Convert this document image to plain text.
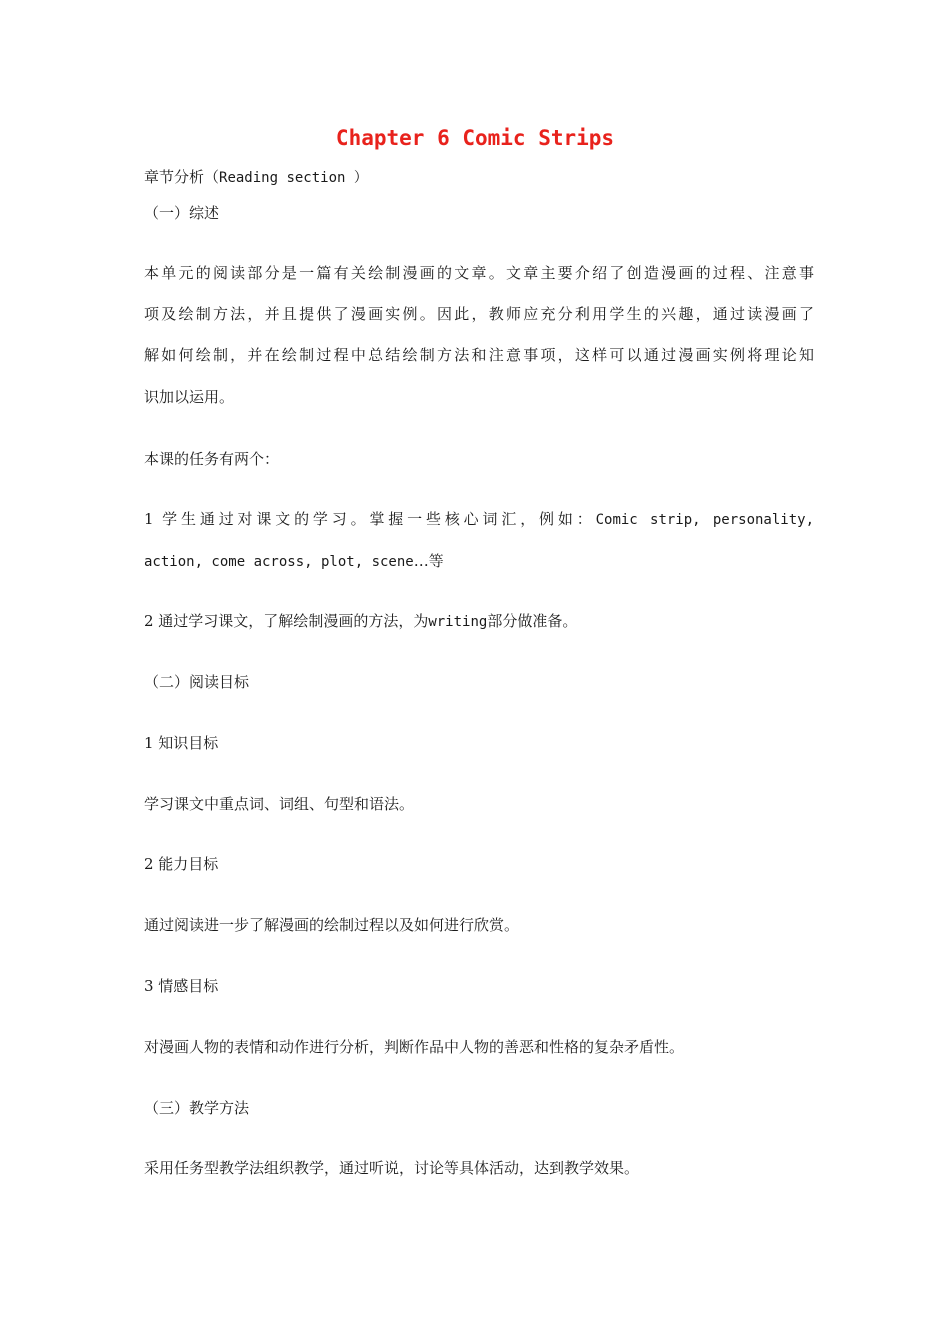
Chapter 6 Comic Strips
章节分析（Reading section ）
（一）综述
本单元的阅读部分是一篇有关绘制漫画的文章。文章主要介绍了创造漫画的过程、注意事
项及绘制方法，并且提供了漫画实例。因此，教师应充分利用学生的兴趣，通过读漫画了
解如何绘制，并在绘制过程中总结绘制方法和注意事项，这样可以通过漫画实例将理论知
识加以运用。
本课的任务有两个：
1 学生通过对课文的学习。掌握一些核心词汇，例如：Comic strip, personality,
action, come across, plot, scene…等
2 通过学习课文，了解绘制漫画的方法，为writing部分做准备。
（二）阅读目标
1 知识目标
学习课文中重点词、词组、句型和语法。
2 能力目标
通过阅读进一步了解漫画的绘制过程以及如何进行欣赏。
3 情感目标
对漫画人物的表情和动作进行分析，判断作品中人物的善恶和性格的复杂矛盾性。
（三）教学方法
采用任务型教学法组织教学，通过听说，讨论等具体活动，达到教学效果。
